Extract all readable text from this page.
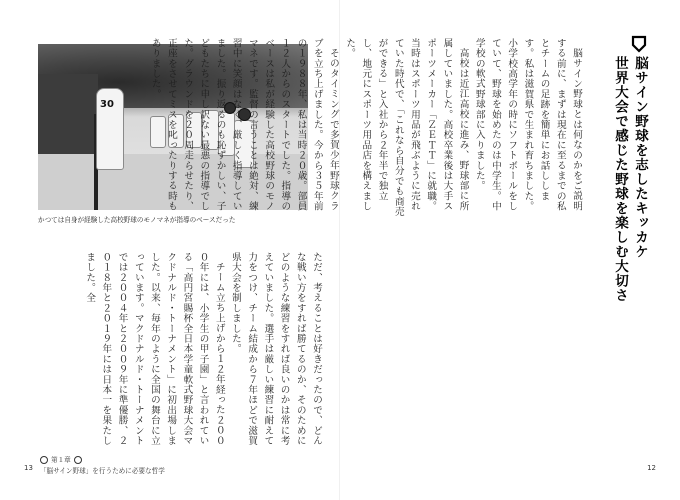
30
かつては自身が経験した高校野球のモノマネが指導のベースだった	脳サイン野球を志したキッカケ
世界大会で感じた野球を楽しむ大切さ

脳サイン野球とは何なのかをご説明する前に、まずは現在に至るまでの私とチームの足跡を簡単にお話しします。私は滋賀県で生まれ育ちました。小学校高学年の時にソフトボールをしていて、野球を始めたのは中学生。中学校の軟式野球部に入りました。

高校は近江高校に進み、野球部に所属していました。高校卒業後は大手スポーツメーカー「ＺＥＴＴ」に就職。当時はスポーツ用品が飛ぶように売れていた時代で、「これなら自分でも商売ができる」と入社から２年半で独立し、地元にスポーツ用品店を構えました。

そのタイミングで多賀少年野球クラブを立ち上げました。今から３５年前の１９８８年、私は当時２０歳。部員１２人からのスタートでした。指導のベースは私が経験した高校野球のモノマネです。監督の言うことは絶対、練習中に笑顔はなく、厳しく指導していました。振り返るのも恥ずかしい、子どもたちに申し訳ない最悪の指導でした。グラウンドを２０周走らせたり、正座をさせてミスを叱ったりする時もありました。

ただ、考えることは好きだったので、どんな戦い方をすれば勝てるのか、そのためにどのような練習をすれば良いのかは常に考えていました。選手は厳しい練習に耐えて力をつけ、チーム結成から７年ほどで滋賀県大会を制しました。

チーム立ち上げから１２年経った２０００年には、小学生の甲子園」と言われている「高円宮賜杯全日本学童軟式野球大会マクドナルド・トーナメント」に初出場しました。以来、毎年のように全国の舞台に立っています。マクドナルド・トーナメントでは２００４年と２００９年に準優勝、２０１８年と２０１９年には日本一を果たしました。全

13	12
第１章
「脳サイン野球」を行うために必要な哲学
